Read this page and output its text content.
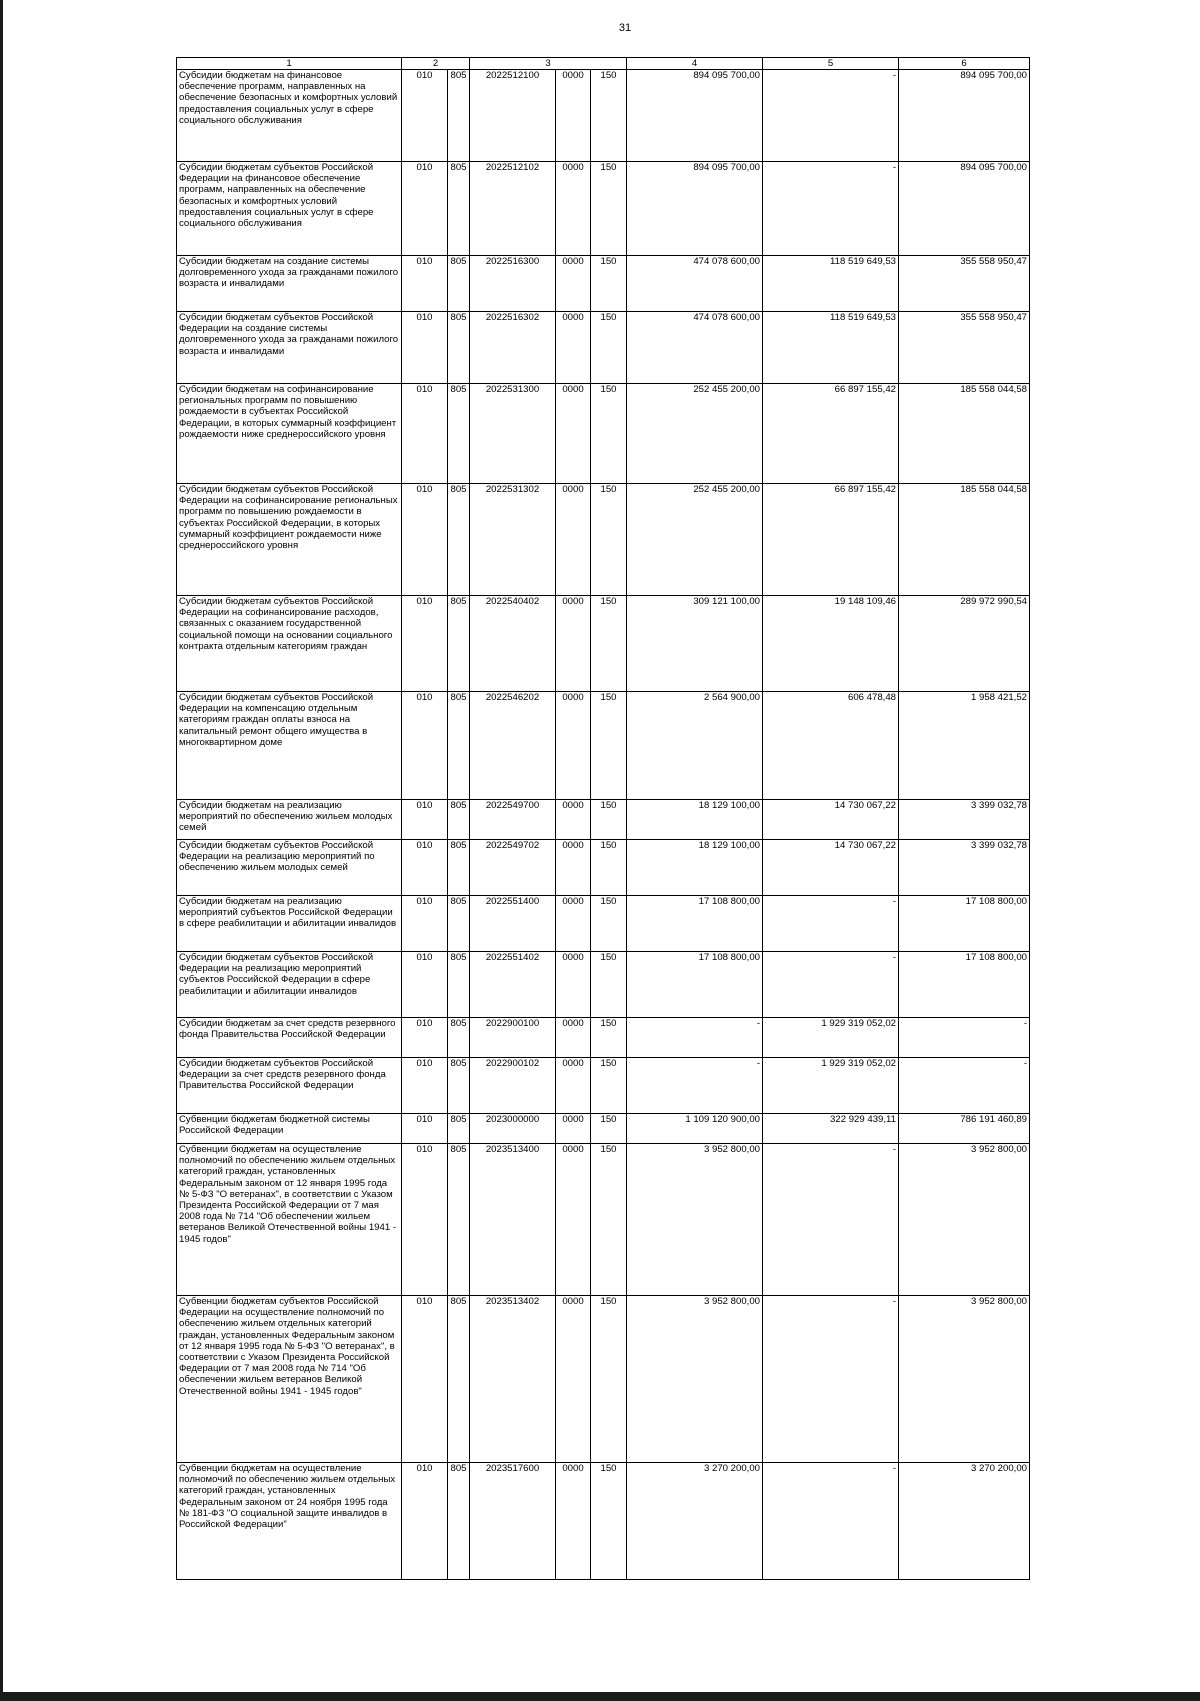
31
1	2		3			4	5	6
Субсидии бюджетам на финансовое обеспечение программ, направленных на обеспечение безопасных и комфортных условий предоставления социальных услуг в сфере социального обслуживания	010	805	2022512100	0000	150	894 095 700,00	-	894 095 700,00
Субсидии бюджетам субъектов Российской Федерации на финансовое обеспечение программ, направленных на обеспечение безопасных и комфортных условий предоставления социальных услуг в сфере социального обслуживания	010	805	2022512102	0000	150	894 095 700,00	-	894 095 700,00
Субсидии бюджетам на создание системы долговременного ухода за гражданами пожилого возраста и инвалидами	010	805	2022516300	0000	150	474 078 600,00	118 519 649,53	355 558 950,47
Субсидии бюджетам субъектов Российской Федерации на создание системы долговременного ухода за гражданами пожилого возраста и инвалидами	010	805	2022516302	0000	150	474 078 600,00	118 519 649,53	355 558 950,47
Субсидии бюджетам на софинансирование региональных программ по повышению рождаемости в субъектах Российской Федерации, в которых суммарный коэффициент рождаемости ниже среднероссийского уровня	010	805	2022531300	0000	150	252 455 200,00	66 897 155,42	185 558 044,58
Субсидии бюджетам субъектов Российской Федерации на софинансирование региональных программ по повышению рождаемости в субъектах Российской Федерации, в которых суммарный коэффициент рождаемости ниже среднероссийского уровня	010	805	2022531302	0000	150	252 455 200,00	66 897 155,42	185 558 044,58
Субсидии бюджетам субъектов Российской Федерации на софинансирование расходов, связанных с оказанием государственной социальной помощи на основании социального контракта отдельным категориям граждан	010	805	2022540402	0000	150	309 121 100,00	19 148 109,46	289 972 990,54
Субсидии бюджетам субъектов Российской Федерации на компенсацию отдельным категориям граждан оплаты взноса на капитальный ремонт общего имущества в многоквартирном доме	010	805	2022546202	0000	150	2 564 900,00	606 478,48	1 958 421,52
Субсидии бюджетам на реализацию мероприятий по обеспечению жильем молодых семей	010	805	2022549700	0000	150	18 129 100,00	14 730 067,22	3 399 032,78
Субсидии бюджетам субъектов Российской Федерации на реализацию мероприятий по обеспечению жильем молодых семей	010	805	2022549702	0000	150	18 129 100,00	14 730 067,22	3 399 032,78
Субсидии бюджетам на реализацию мероприятий субъектов Российской Федерации в сфере реабилитации и абилитации инвалидов	010	805	2022551400	0000	150	17 108 800,00	-	17 108 800,00
Субсидии бюджетам субъектов Российской Федерации на реализацию мероприятий субъектов Российской Федерации в сфере реабилитации и абилитации инвалидов	010	805	2022551402	0000	150	17 108 800,00	-	17 108 800,00
Субсидии бюджетам за счет средств резервного фонда Правительства Российской Федерации	010	805	2022900100	0000	150	-	1 929 319 052,02	-
Субсидии бюджетам субъектов Российской Федерации за счет средств резервного фонда Правительства Российской Федерации	010	805	2022900102	0000	150	-	1 929 319 052,02	-
Субвенции бюджетам бюджетной системы Российской Федерации	010	805	2023000000	0000	150	1 109 120 900,00	322 929 439,11	786 191 460,89
Субвенции бюджетам на осуществление полномочий по обеспечению жильем отдельных категорий граждан, установленных Федеральным законом от 12 января 1995 года № 5-ФЗ "О ветеранах", в соответствии с Указом Президента Российской Федерации от 7 мая 2008 года № 714 "Об обеспечении жильем ветеранов Великой Отечественной войны 1941 - 1945 годов"	010	805	2023513400	0000	150	3 952 800,00	-	3 952 800,00
Субвенции бюджетам субъектов Российской Федерации на осуществление полномочий по обеспечению жильем отдельных категорий граждан, установленных Федеральным законом от 12 января 1995 года № 5-ФЗ "О ветеранах", в соответствии с Указом Президента Российской Федерации от 7 мая 2008 года № 714 "Об обеспечении жильем ветеранов Великой Отечественной войны 1941 - 1945 годов"	010	805	2023513402	0000	150	3 952 800,00	-	3 952 800,00
Субвенции бюджетам на осуществление полномочий по обеспечению жильем отдельных категорий граждан, установленных Федеральным законом от 24 ноября 1995 года № 181-ФЗ "О социальной защите инвалидов в Российской Федерации"	010	805	2023517600	0000	150	3 270 200,00	-	3 270 200,00
